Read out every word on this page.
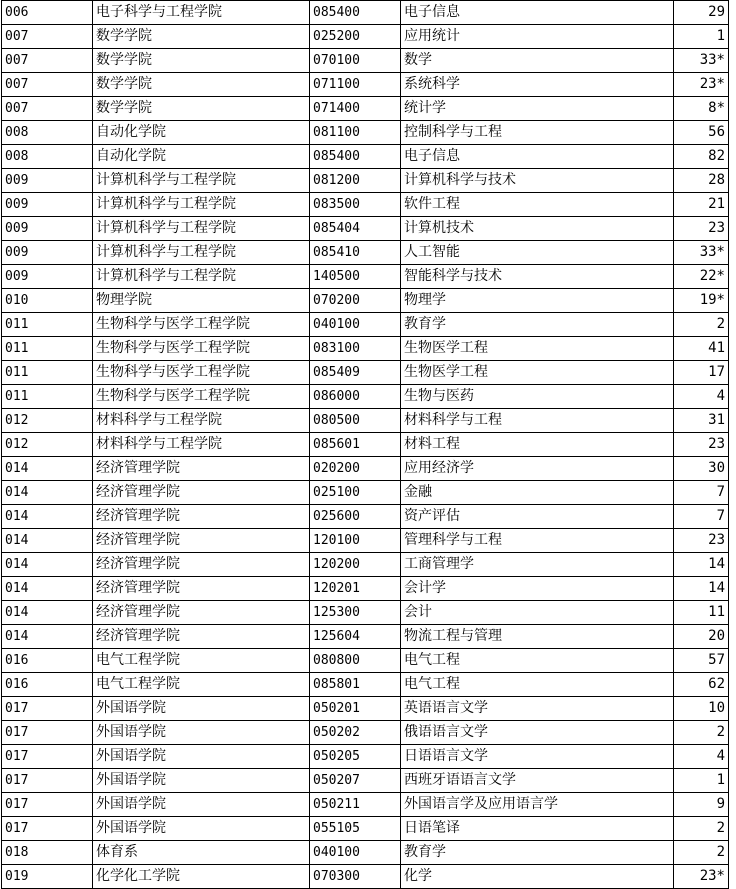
006	电子科学与工程学院	085400	电子信息	29
007	数学学院	025200	应用统计	1
007	数学学院	070100	数学	33*
007	数学学院	071100	系统科学	23*
007	数学学院	071400	统计学	8*
008	自动化学院	081100	控制科学与工程	56
008	自动化学院	085400	电子信息	82
009	计算机科学与工程学院	081200	计算机科学与技术	28
009	计算机科学与工程学院	083500	软件工程	21
009	计算机科学与工程学院	085404	计算机技术	23
009	计算机科学与工程学院	085410	人工智能	33*
009	计算机科学与工程学院	140500	智能科学与技术	22*
010	物理学院	070200	物理学	19*
011	生物科学与医学工程学院	040100	教育学	2
011	生物科学与医学工程学院	083100	生物医学工程	41
011	生物科学与医学工程学院	085409	生物医学工程	17
011	生物科学与医学工程学院	086000	生物与医药	4
012	材料科学与工程学院	080500	材料科学与工程	31
012	材料科学与工程学院	085601	材料工程	23
014	经济管理学院	020200	应用经济学	30
014	经济管理学院	025100	金融	7
014	经济管理学院	025600	资产评估	7
014	经济管理学院	120100	管理科学与工程	23
014	经济管理学院	120200	工商管理学	14
014	经济管理学院	120201	会计学	14
014	经济管理学院	125300	会计	11
014	经济管理学院	125604	物流工程与管理	20
016	电气工程学院	080800	电气工程	57
016	电气工程学院	085801	电气工程	62
017	外国语学院	050201	英语语言文学	10
017	外国语学院	050202	俄语语言文学	2
017	外国语学院	050205	日语语言文学	4
017	外国语学院	050207	西班牙语语言文学	1
017	外国语学院	050211	外国语言学及应用语言学	9
017	外国语学院	055105	日语笔译	2
018	体育系	040100	教育学	2
019	化学化工学院	070300	化学	23*
